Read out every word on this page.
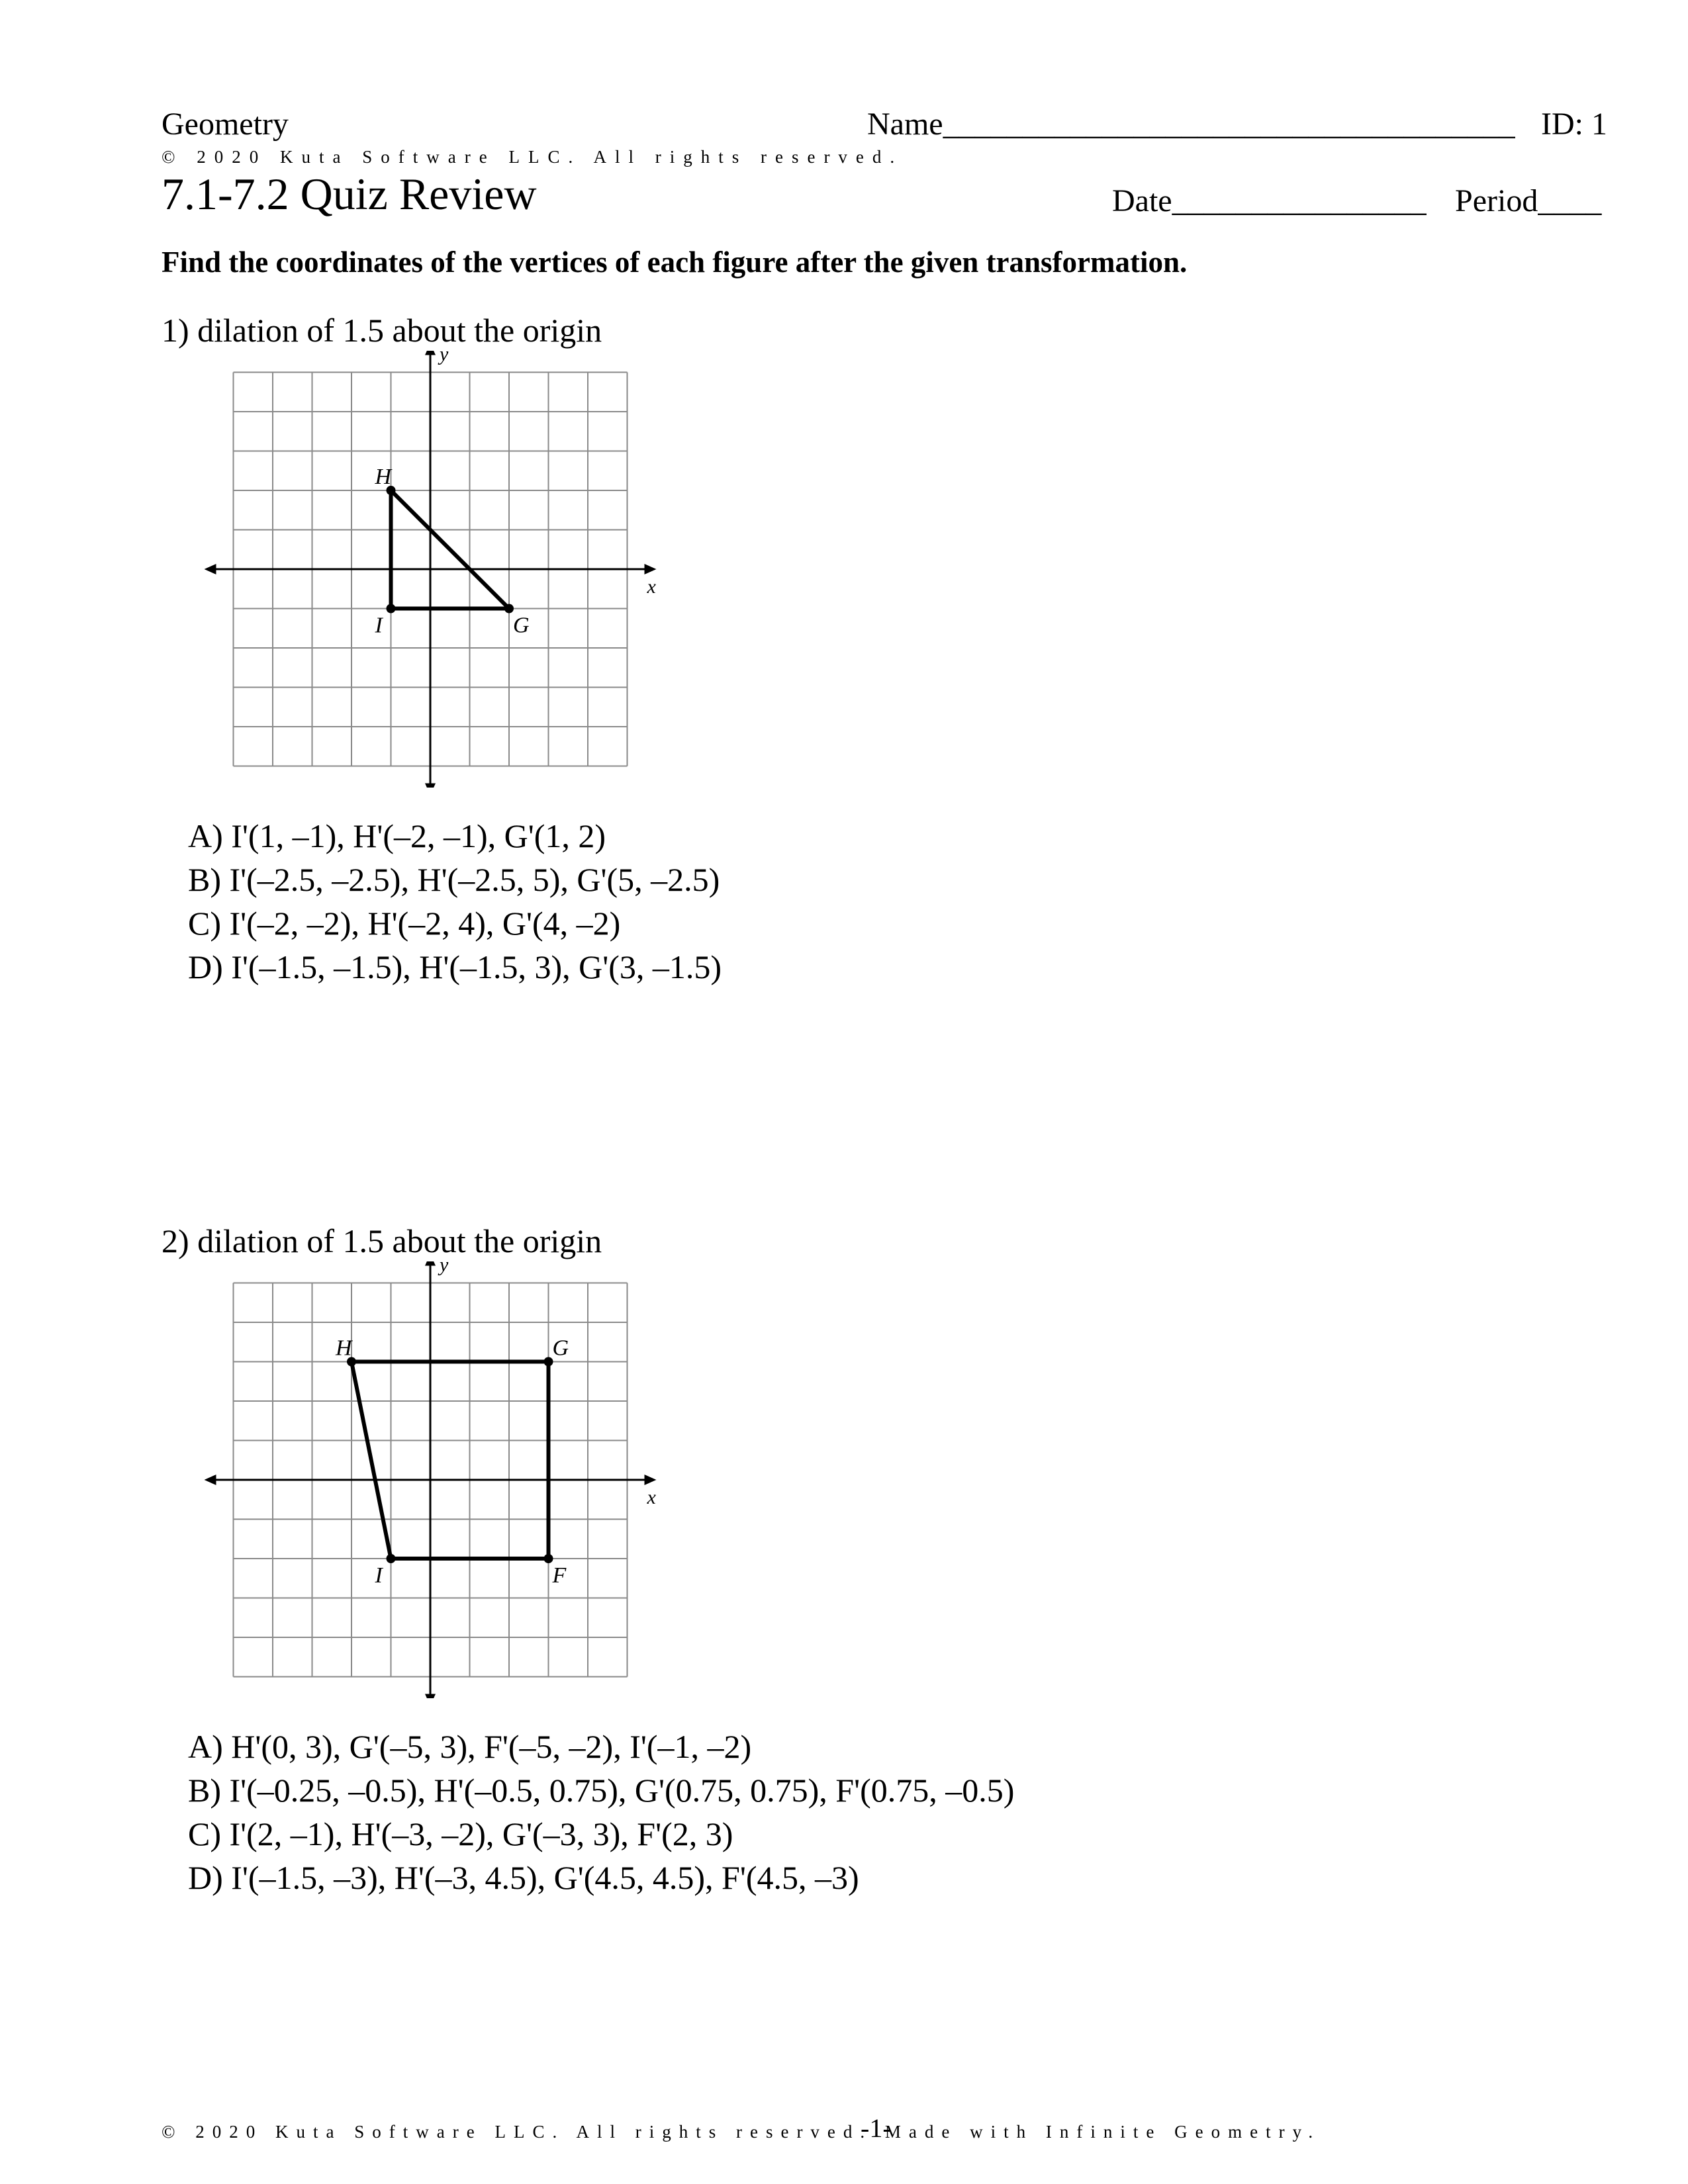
Geometry	Name____________________________________ ID: 1
© 2020 Kuta Software LLC. All rights reserved.
7.1-7.2 Quiz Review	Date________________ Period____
Find the coordinates of the vertices of each figure after the given transformation.
1) dilation of 1.5 about the origin
x
y
I
H
G
A) I'(1, –1), H'(–2, –1), G'(1, 2)
B) I'(–2.5, –2.5), H'(–2.5, 5), G'(5, –2.5)
C) I'(–2, –2), H'(–2, 4), G'(4, –2)
D) I'(–1.5, –1.5), H'(–1.5, 3), G'(3, –1.5)
2) dilation of 1.5 about the origin
x
y
H	G
F
I
A) H'(0, 3), G'(–5, 3), F'(–5, –2), I'(–1, –2)
B) I'(–0.25, –0.5), H'(–0.5, 0.75), G'(0.75, 0.75), F'(0.75, –0.5)
C) I'(2, –1), H'(–3, –2), G'(–3, 3), F'(2, 3)
D) I'(–1.5, –3), H'(–3, 4.5), G'(4.5, 4.5), F'(4.5, –3)
© 2020 Kuta Software LLC. All rights reserved. Made with Infinite Geometry.
-1-
